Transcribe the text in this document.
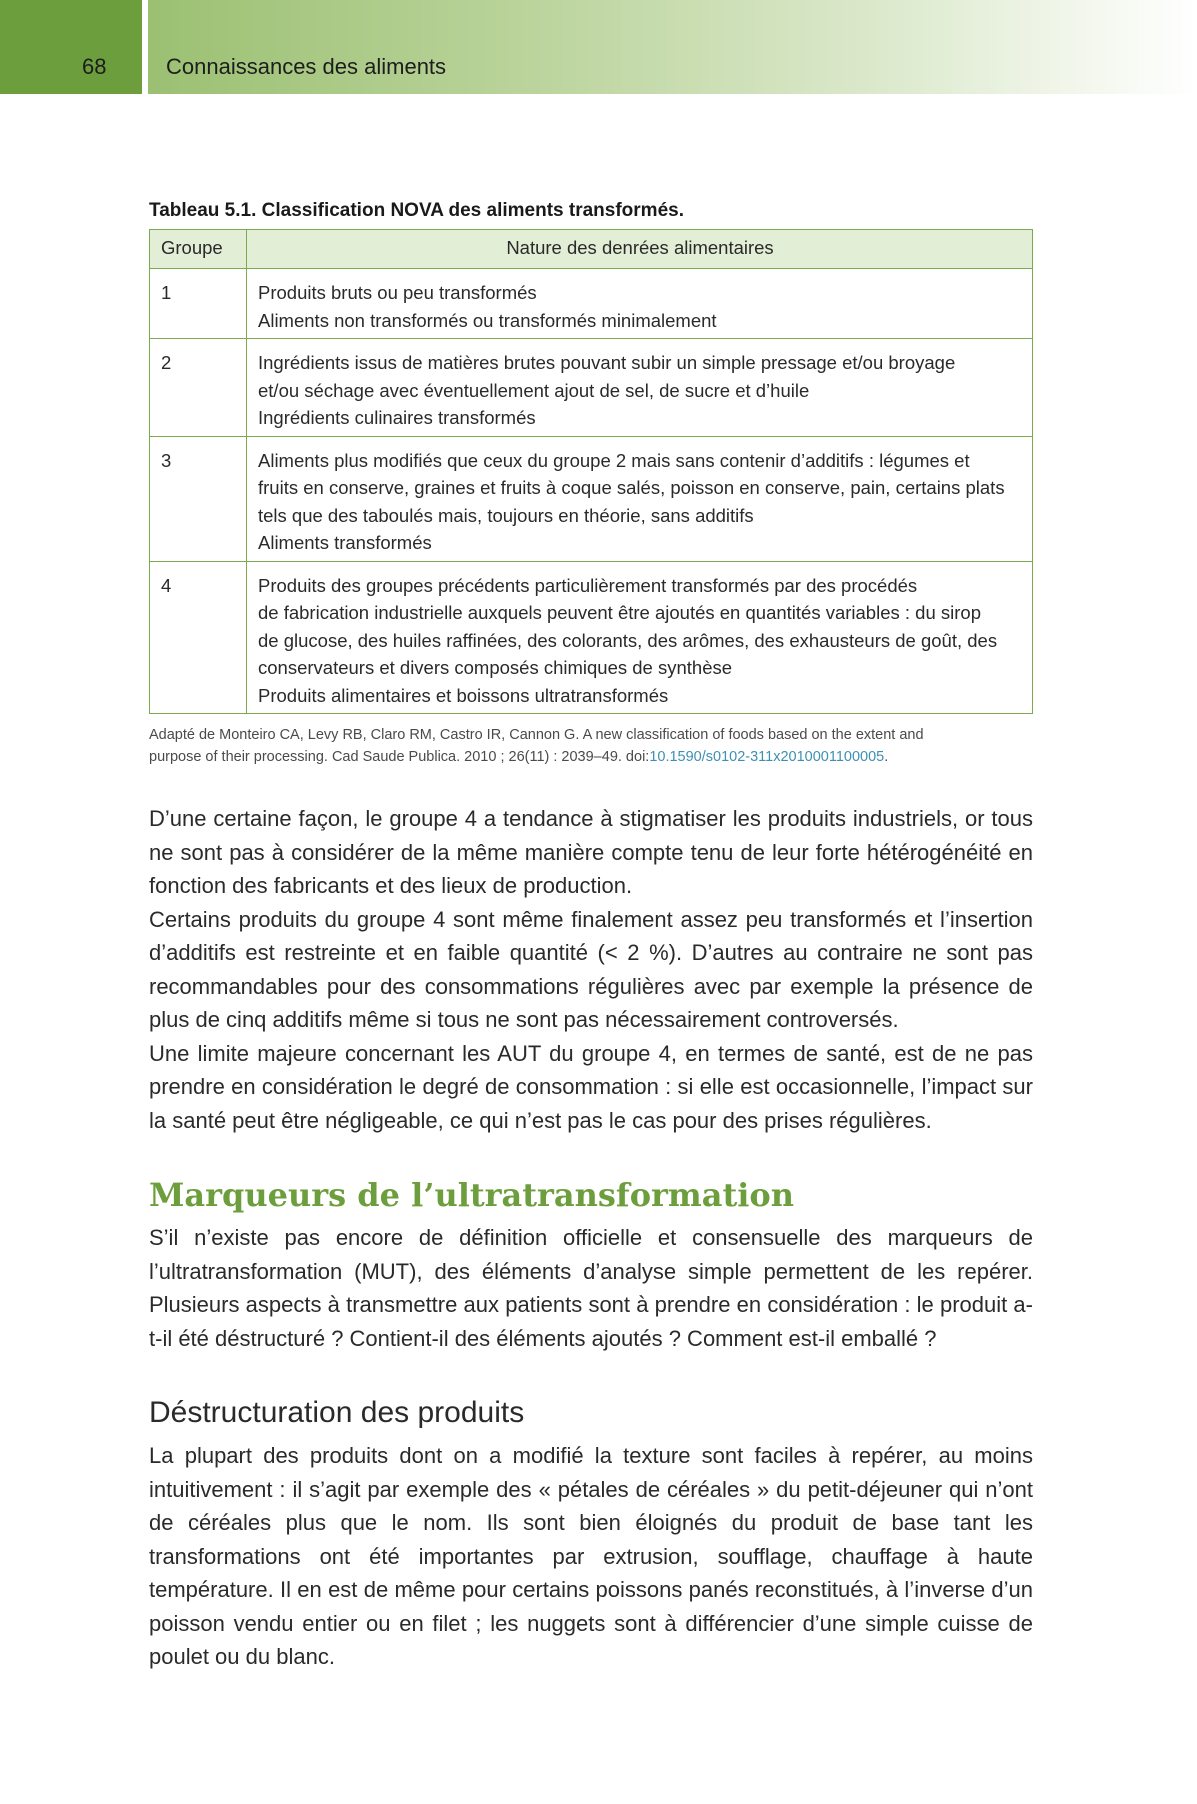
68	Connaissances des aliments
Tableau 5.1. Classification NOVA des aliments transformés.
Groupe	Nature des denrées alimentaires
1	Produits bruts ou peu transformés
Aliments non transformés ou transformés minimalement

2	Ingrédients issus de matières brutes pouvant subir un simple pressage et/ou broyage
et/ou séchage avec éventuellement ajout de sel, de sucre et d’huile
Ingrédients culinaires transformés

3	Aliments plus modifiés que ceux du groupe 2 mais sans contenir d’additifs : légumes et
fruits en conserve, graines et fruits à coque salés, poisson en conserve, pain, certains plats
tels que des taboulés mais, toujours en théorie, sans additifs
Aliments transformés

4	Produits des groupes précédents particulièrement transformés par des procédés
de fabrication industrielle auxquels peuvent être ajoutés en quantités variables : du sirop
de glucose, des huiles raffinées, des colorants, des arômes, des exhausteurs de goût, des
conservateurs et divers composés chimiques de synthèse
Produits alimentaires et boissons ultratransformés
Adapté de Monteiro CA, Levy RB, Claro RM, Castro IR, Cannon G. A new classification of foods based on the extent and
purpose of their processing. Cad Saude Publica. 2010 ; 26(11) : 2039–49. doi:10.1590/s0102-311x2010001100005.

D’une certaine façon, le groupe 4 a tendance à stigmatiser les produits industriels, or tous ne sont pas à considérer de la même manière compte tenu de leur forte hétérogénéité en fonction des fabricants et des lieux de production.

Certains produits du groupe 4 sont même finalement assez peu transformés et l’insertion d’additifs est restreinte et en faible quantité (< 2 %). D’autres au contraire ne sont pas recommandables pour des consommations régulières avec par exemple la présence de plus de cinq additifs même si tous ne sont pas nécessairement controversés.

Une limite majeure concernant les AUT du groupe 4, en termes de santé, est de ne pas prendre en considération le degré de consommation : si elle est occasionnelle, l’impact sur la santé peut être négligeable, ce qui n’est pas le cas pour des prises régulières.

Marqueurs de l’ultratransformation

S’il n’existe pas encore de définition officielle et consensuelle des marqueurs de l’ultratransformation (MUT), des éléments d’analyse simple permettent de les repérer. Plusieurs aspects à transmettre aux patients sont à prendre en considération : le produit a-t-il été déstructuré ? Contient-il des éléments ajoutés ? Comment est-il emballé ?

Déstructuration des produits

La plupart des produits dont on a modifié la texture sont faciles à repérer, au moins intuitivement : il s’agit par exemple des « pétales de céréales » du petit-déjeuner qui n’ont de céréales plus que le nom. Ils sont bien éloignés du produit de base tant les transformations ont été importantes par extrusion, soufflage, chauffage à haute température. Il en est de même pour certains poissons panés reconstitués, à l’inverse d’un poisson vendu entier ou en filet ; les nuggets sont à différencier d’une simple cuisse de poulet ou du blanc.
